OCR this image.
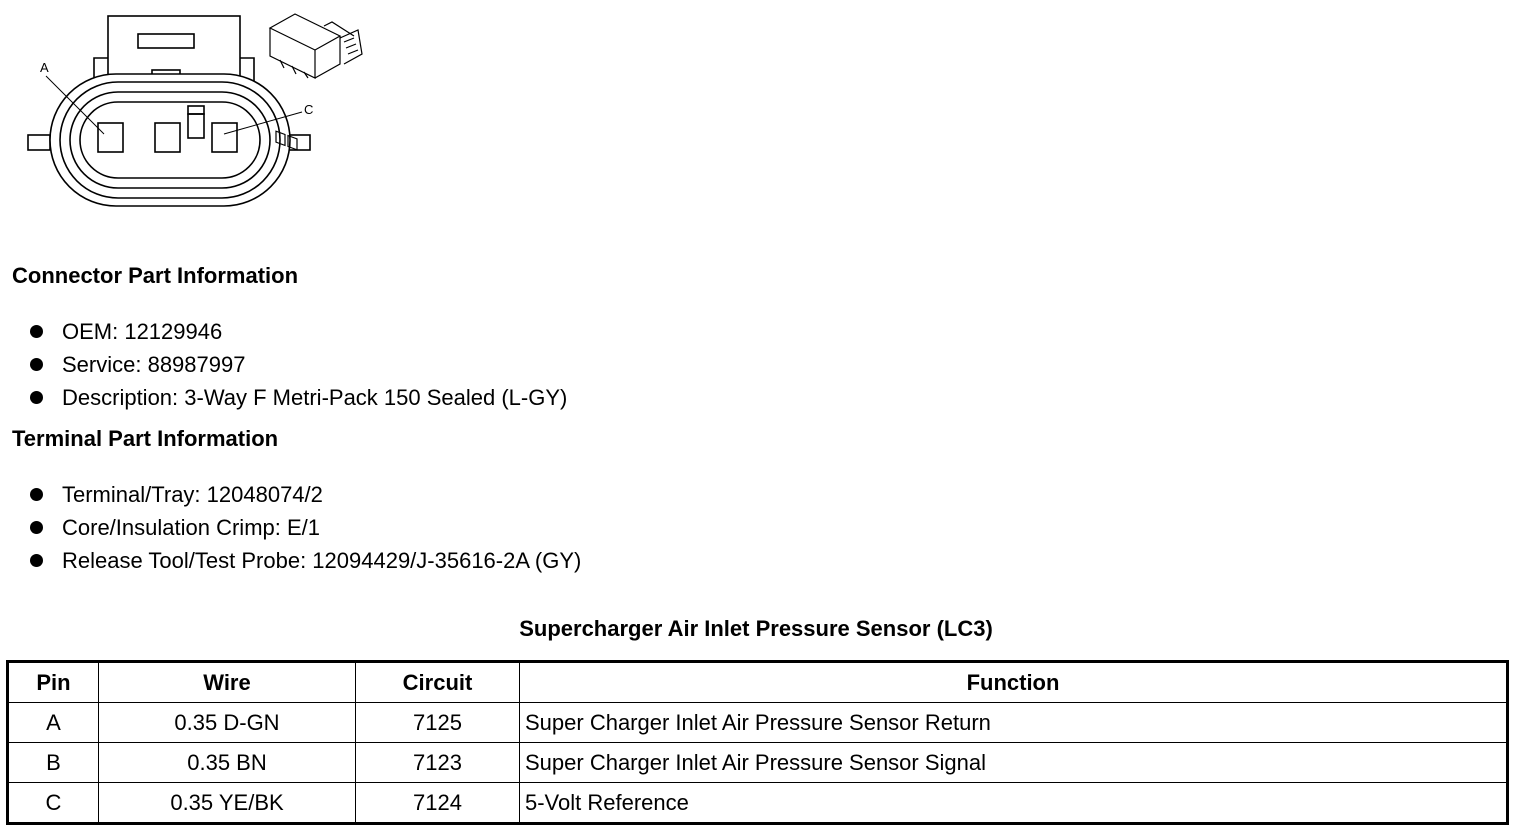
A
C
Connector Part Information
OEM: 12129946
Service: 88987997
Description: 3-Way F Metri-Pack 150 Sealed (L-GY)
Terminal Part Information
Terminal/Tray: 12048074/2
Core/Insulation Crimp: E/1
Release Tool/Test Probe: 12094429/J-35616-2A (GY)
Supercharger Air Inlet Pressure Sensor (LC3)
Pin	Wire	Circuit	Function
A	0.35 D-GN	7125	Super Charger Inlet Air Pressure Sensor Return
B	0.35 BN	7123	Super Charger Inlet Air Pressure Sensor Signal
C	0.35 YE/BK	7124	5-Volt Reference
